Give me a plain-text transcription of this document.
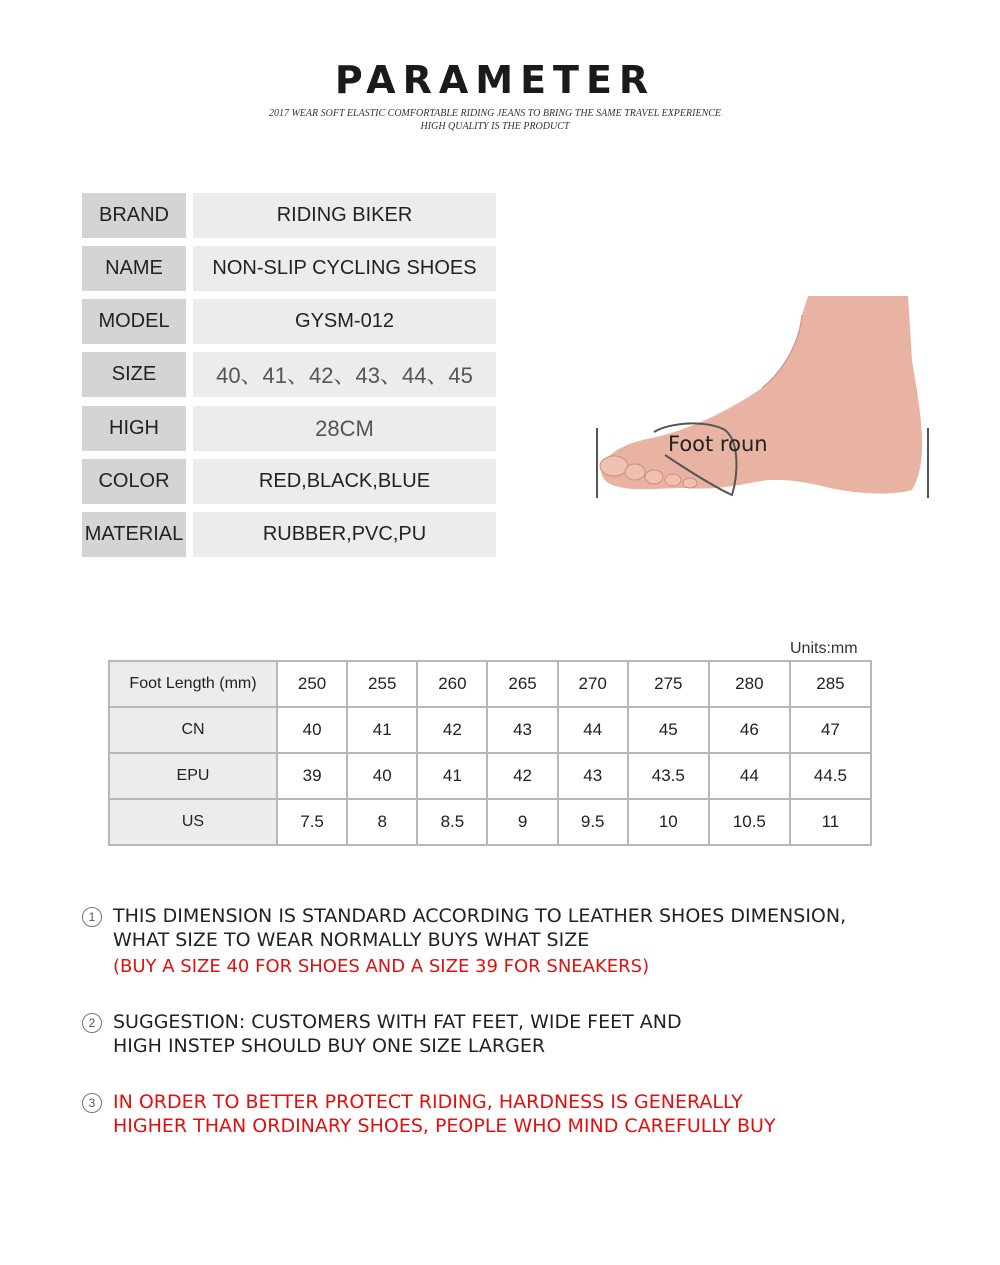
PARAMETER
2017 WEAR SOFT ELASTIC COMFORTABLE RIDING JEANS TO BRING THE SAME TRAVEL EXPERIENCE
HIGH QUALITY IS THE PRODUCT
BRAND	RIDING BIKER
NAME	NON-SLIP CYCLING SHOES
MODEL	GYSM-012
SIZE	40、41、42、43、44、45
HIGH	28CM
COLOR	RED,BLACK,BLUE
MATERIAL	RUBBER,PVC,PU
Foot roun
Units:mm
Foot Length (mm)	250	255	260	265	270	275	280	285
CN	40	41	42	43	44	45	46	47
EPU	39	40	41	42	43	43.5	44	44.5
US	7.5	8	8.5	9	9.5	10	10.5	11
1 THIS DIMENSION IS STANDARD ACCORDING TO LEATHER SHOES DIMENSION,
WHAT SIZE TO WEAR NORMALLY BUYS WHAT SIZE
(BUY A SIZE 40 FOR SHOES AND A SIZE 39 FOR SNEAKERS)
2 SUGGESTION: CUSTOMERS WITH FAT FEET, WIDE FEET AND
HIGH INSTEP SHOULD BUY ONE SIZE LARGER
3 IN ORDER TO BETTER PROTECT RIDING, HARDNESS IS GENERALLY
HIGHER THAN ORDINARY SHOES, PEOPLE WHO MIND CAREFULLY BUY
